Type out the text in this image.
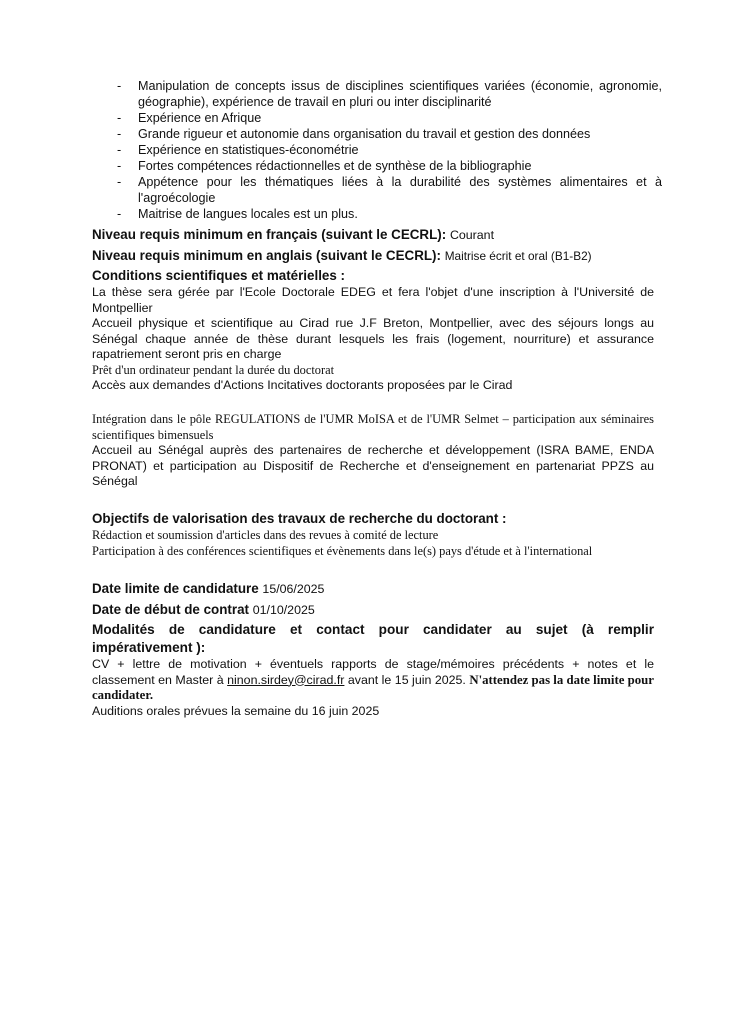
- Manipulation de concepts issus de disciplines scientifiques variées (économie, agronomie, géographie), expérience de travail en pluri ou inter disciplinarité
- Expérience en Afrique
- Grande rigueur et autonomie dans organisation du travail et gestion des données
- Expérience en statistiques-économétrie
- Fortes compétences rédactionnelles et de synthèse de la bibliographie
- Appétence pour les thématiques liées à la durabilité des systèmes alimentaires et à l'agroécologie
- Maitrise de langues locales est un plus.
Niveau requis minimum en français (suivant le CECRL): Courant
Niveau requis minimum en anglais (suivant le CECRL): Maitrise écrit et oral (B1-B2)
Conditions scientifiques et matérielles :
La thèse sera gérée par l'Ecole Doctorale EDEG et fera l'objet d'une inscription à l'Université de Montpellier
Accueil physique et scientifique au Cirad rue J.F Breton, Montpellier, avec des séjours longs au Sénégal chaque année de thèse durant lesquels les frais (logement, nourriture) et assurance rapatriement seront pris en charge
Prêt d'un ordinateur pendant la durée du doctorat
Accès aux demandes d'Actions Incitatives doctorants proposées par le Cirad
Intégration dans le pôle REGULATIONS de l'UMR MoISA et de l'UMR Selmet – participation aux séminaires scientifiques bimensuels
Accueil au Sénégal auprès des partenaires de recherche et développement (ISRA BAME, ENDA PRONAT) et participation au Dispositif de Recherche et d'enseignement en partenariat PPZS au Sénégal
Objectifs de valorisation des travaux de recherche du doctorant :
Rédaction et soumission d'articles dans des revues à comité de lecture
Participation à des conférences scientifiques et évènements dans le(s) pays d'étude et à l'international
Date limite de candidature 15/06/2025
Date de début de contrat 01/10/2025
Modalités de candidature et contact pour candidater au sujet (à remplir impérativement ):
CV + lettre de motivation + éventuels rapports de stage/mémoires précédents + notes et le classement en Master à ninon.sirdey@cirad.fr avant le 15 juin 2025. N'attendez pas la date limite pour candidater.
Auditions orales prévues la semaine du 16 juin 2025
